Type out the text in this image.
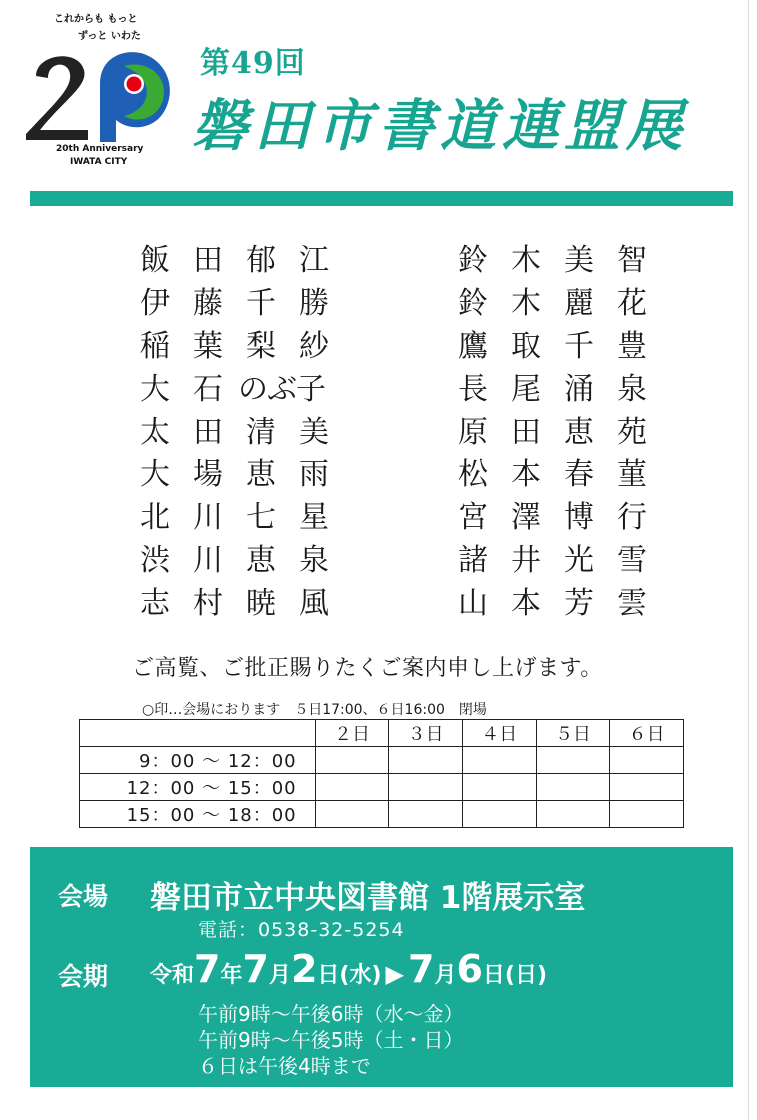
これからも もっと
ずっと いわた
20th Anniversary
IWATA CITY
第49回
磐田市書道連盟展
飯 田 郁 江
伊 藤 千 勝
稲 葉 梨 紗
大 石 のぶ子
太 田 清 美
大 場 恵 雨
北 川 七 星
渋 川 恵 泉
志 村 暁 風
鈴 木 美 智
鈴 木 麗 花
鷹 取 千 豊
長 尾 涌 泉
原 田 恵 苑
松 本 春 菫
宮 澤 博 行
諸 井 光 雪
山 本 芳 雲
ご高覧、ご批正賜りたくご案内申し上げます。
○印…会場におります　５日17:00、６日16:00　閉場
	２日	３日	４日	５日	６日
9：00 ～ 12：00					
12：00 ～ 15：00					
15：00 ～ 18：00					
会場 磐田市立中央図書館 1階展示室
電話：0538-32-5254
会期 令和7年7月2日(水) ▶ 7月6日(日)
午前9時～午後6時（水～金）
午前9時～午後5時（土・日）
６日は午後4時まで
